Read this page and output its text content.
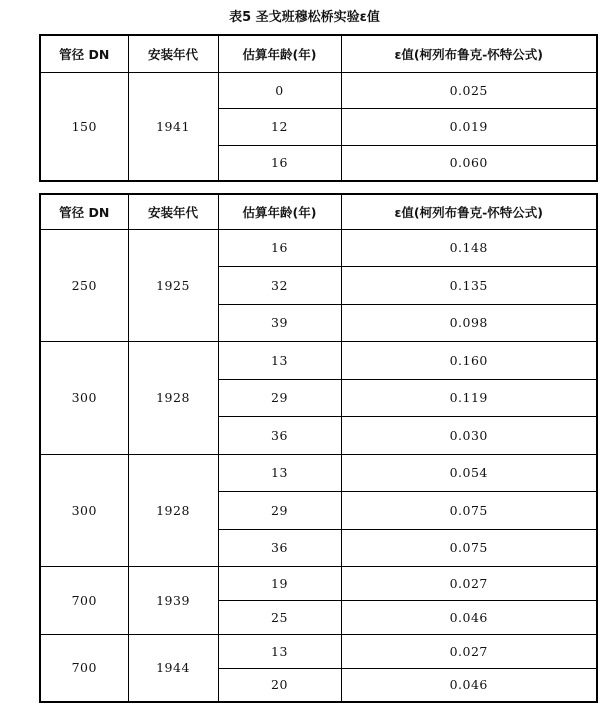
表5 圣戈班穆松桥实验ε值
管径 DN	安装年代	估算年龄(年)	ε值(柯列布鲁克-怀特公式)
150	1941	0	0.025
		12	0.019
		16	0.060
管径 DN	安装年代	估算年龄(年)	ε值(柯列布鲁克-怀特公式)
250	1925	16	0.148
		32	0.135
		39	0.098
300	1928	13	0.160
		29	0.119
		36	0.030
300	1928	13	0.054
		29	0.075
		36	0.075
700	1939	19	0.027
		25	0.046
700	1944	13	0.027
		20	0.046
